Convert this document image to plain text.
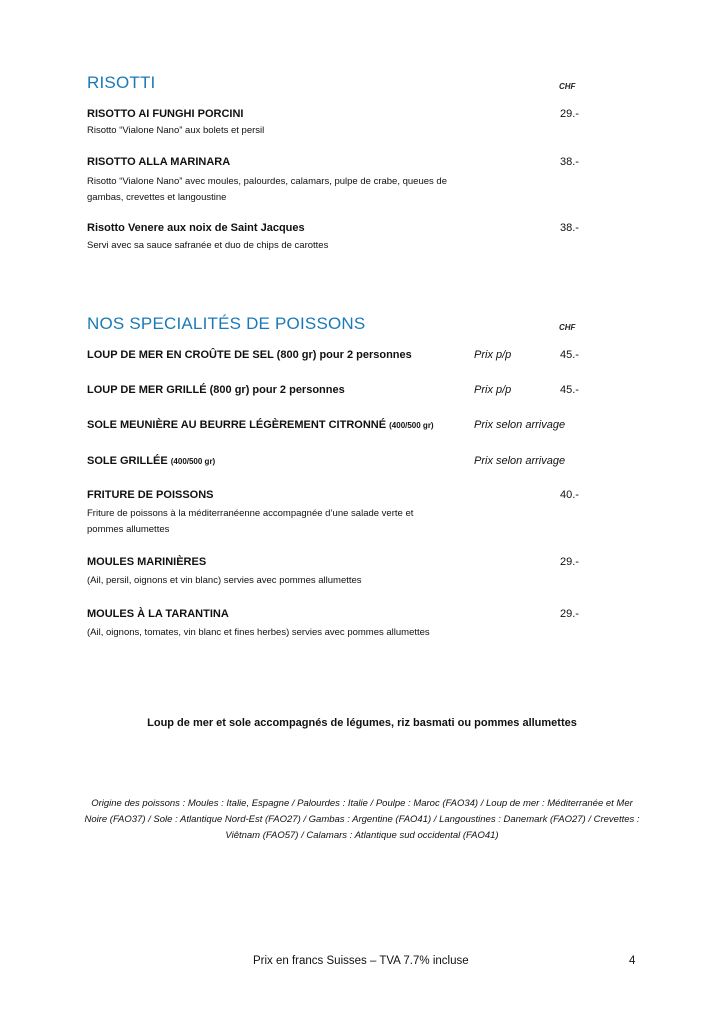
RISOTTI	CHF
RISOTTO AI FUNGHI PORCINI	29.-
Risotto “Vialone Nano” aux bolets et persil
RISOTTO ALLA MARINARA	38.-
Risotto “Vialone Nano” avec moules, palourdes, calamars, pulpe de crabe, queues de gambas, crevettes et langoustine
Risotto Venere aux noix de Saint Jacques	38.-
Servi avec sa sauce safranée et duo de chips de carottes
NOS SPECIALITÉS DE POISSONS	CHF
LOUP DE MER EN CROÛTE DE SEL (800 gr) pour 2 personnes	Prix p/p	45.-
LOUP DE MER GRILLÉ (800 gr) pour 2 personnes	Prix p/p	45.-
SOLE MEUNIÈRE AU BEURRE LÉGÈREMENT CITRONNÉ (400/500 gr)	Prix selon arrivage
SOLE GRILLÉE (400/500 gr)	Prix selon arrivage
FRITURE DE POISSONS	40.-
Friture de poissons à la méditerranéenne accompagnée d’une salade verte et pommes allumettes
MOULES MARINIÈRES	29.-
(Ail, persil, oignons et vin blanc) servies avec pommes allumettes
MOULES À LA TARANTINA	29.-
(Ail, oignons, tomates, vin blanc et fines herbes) servies avec pommes allumettes
Loup de mer et sole accompagnés de légumes, riz basmati ou pommes allumettes
Origine des poissons : Moules : Italie, Espagne / Palourdes : Italie / Poulpe : Maroc (FAO34) / Loup de mer : Méditerranée et Mer Noire (FAO37) / Sole : Atlantique Nord-Est (FAO27) / Gambas : Argentine (FAO41) / Langoustines : Danemark (FAO27) / Crevettes : Viêtnam (FAO57) / Calamars : Atlantique sud occidental (FAO41)
Prix en francs Suisses – TVA 7.7% incluse	4
